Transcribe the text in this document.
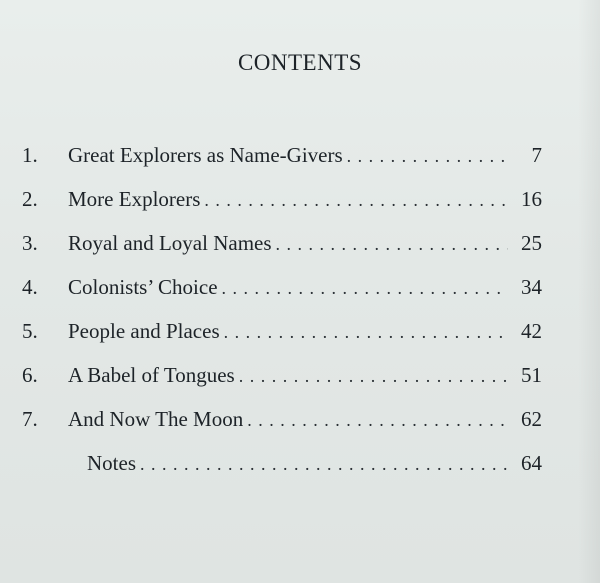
CONTENTS
1.	Great Explorers as Name-Givers . . .	7
2.	More Explorers . . .	16
3.	Royal and Loyal Names . . .	25
4.	Colonists’ Choice . . .	34
5.	People and Places . . .	42
6.	A Babel of Tongues . . .	51
7.	And Now The Moon . . .	62
Notes . . .	64
